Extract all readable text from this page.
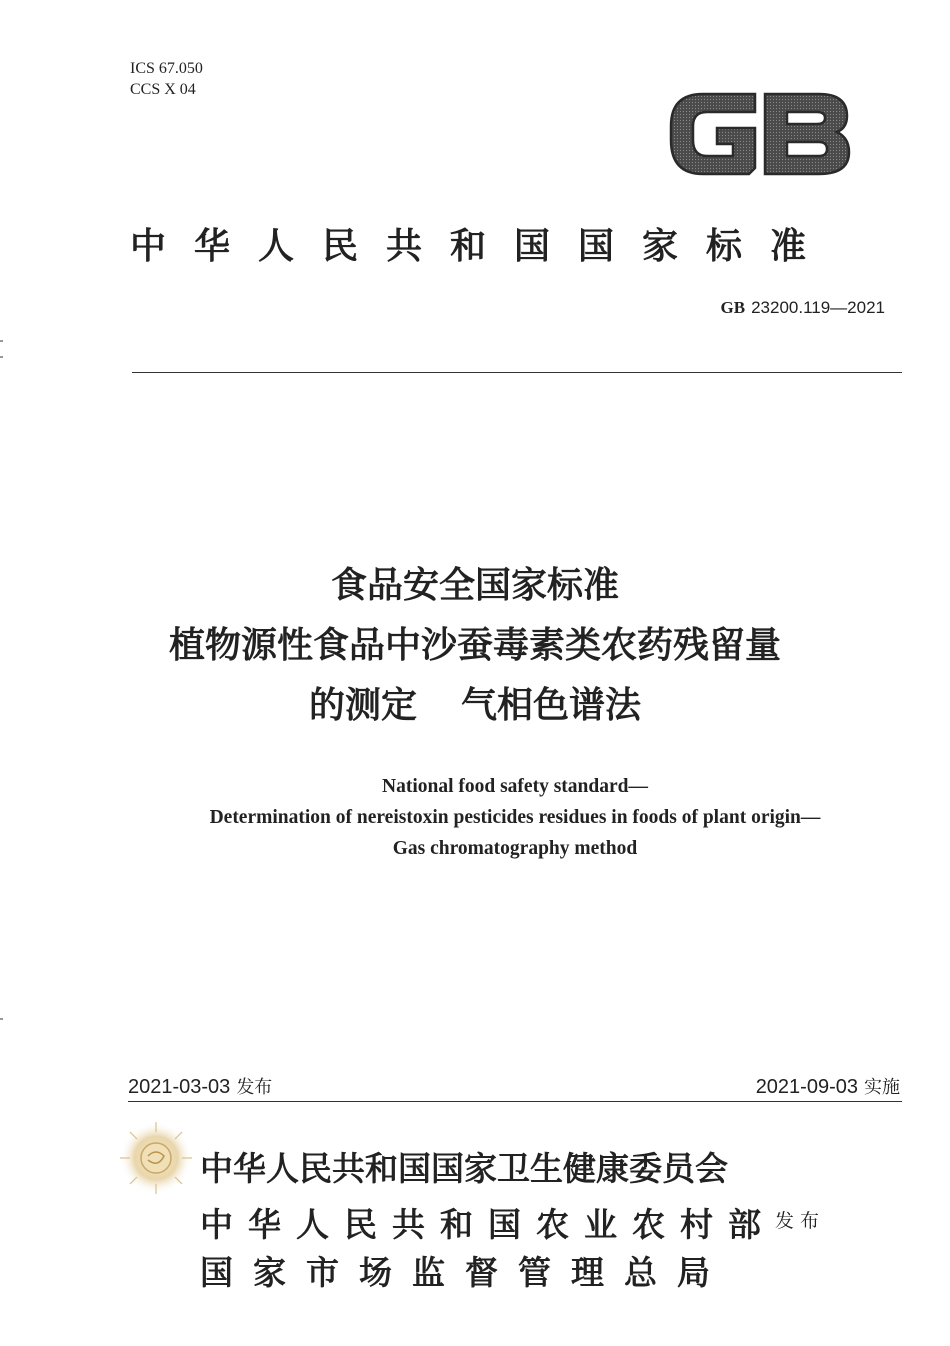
ICS 67.050
CCS X 04
中华人民共和国国家标准
GB 23200.119—2021
食品安全国家标准
植物源性食品中沙蚕毒素类农药残留量
的测定 气相色谱法
National food safety standard—
Determination of nereistoxin pesticides residues in foods of plant origin—
Gas chromatography method
2021-03-03 发布	2021-09-03 实施
中华人民共和国国家卫生健康委员会
中华人民共和国农业农村部
国家市场监督管理总局
发布
